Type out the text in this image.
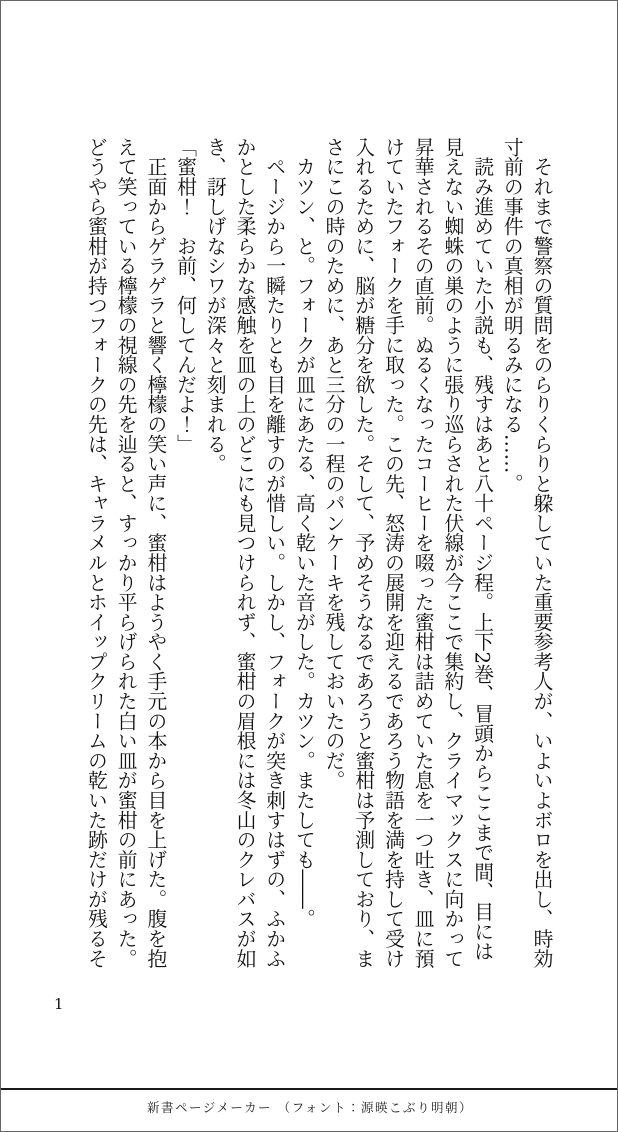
　それまで警察の質問をのらりくらりと躱していた重要参考人が、いよいよボロを出し、時効寸前の事件の真相が明るみになる……。

　読み進めていた小説も、残すはあと八十ページ程。上下2巻、冒頭からここまで間、目には見えない蜘蛛の巣のように張り巡らされた伏線が今ここで集約し、クライマックスに向かって昇華されるその直前。ぬるくなったコーヒーを啜った蜜柑は詰めていた息を一つ吐き、皿に預けていたフォークを手に取った。この先、怒涛の展開を迎えるであろう物語を満を持して受け入れるために、脳が糖分を欲した。そして、予めそうなるであろうと蜜柑は予測しており、まさにこの時のために、あと三分の一程のパンケーキを残しておいたのだ。

　カツン、と。フォークが皿にあたる、高く乾いた音がした。カツン。またしても――。

　ページから一瞬たりとも目を離すのが惜しい。しかし、フォークが突き刺すはずの、ふかふかとした柔らかな感触を皿の上のどこにも見つけられず、蜜柑の眉根には冬山のクレバスが如き、訝しげなシワが深々と刻まれる。

「蜜柑！　お前、何してんだよ！」

　正面からゲラゲラと響く檸檬の笑い声に、蜜柑はようやく手元の本から目を上げた。腹を抱えて笑っている檸檬の視線の先を辿ると、すっかり平らげられた白い皿が蜜柑の前にあった。どうやら蜜柑が持つフォークの先は、キャラメルとホイップクリームの乾いた跡だけが残るそ

1
新書ページメーカー （フォント：源暎こぶり明朝）
